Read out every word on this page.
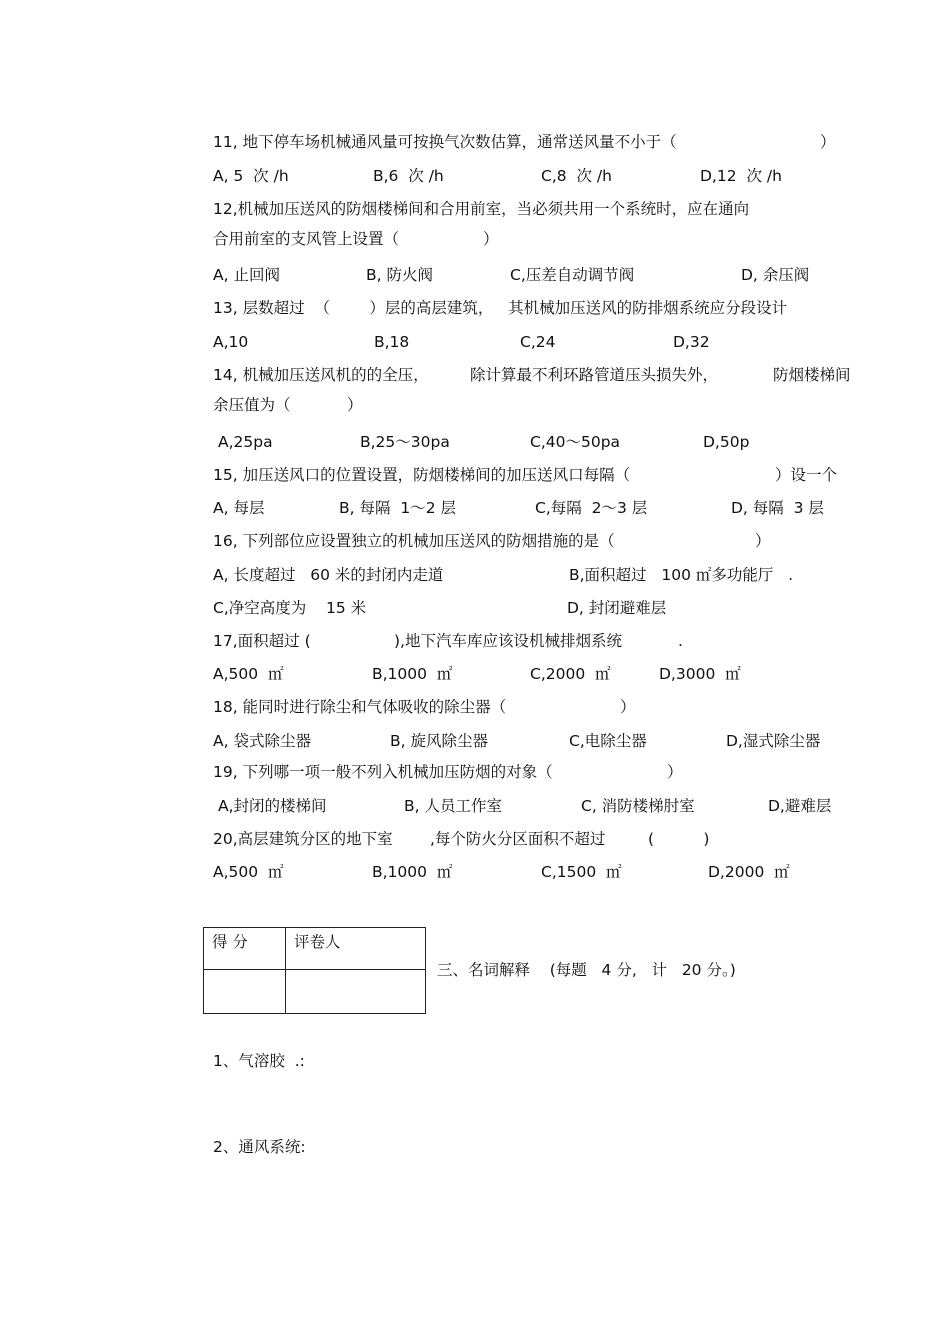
11, 地下停车场机械通风量可按换气次数估算，通常送风量不小于（	）
A, 5  次 /h	B,6  次 /h	C,8  次 /h	D,12  次 /h
12,机械加压送风的防烟楼梯间和合用前室，当必须共用一个系统时，应在通向
合用前室的支风管上设置（	）
A, 止回阀	B, 防火阀	C,压差自动调节阀	D, 余压阀
13, 层数超过  （        ）层的高层建筑，   其机械加压送风的防排烟系统应分段设计
A,10	B,18	C,24	D,32
14, 机械加压送风机的的全压，	除计算最不利环路管道压头损失外，	防烟楼梯间
余压值为（	）
A,25pa	B,25～30pa	C,40～50pa	D,50p
15, 加压送风口的位置设置，防烟楼梯间的加压送风口每隔（	）设一个
A, 每层	B, 每隔  1～2 层	C,每隔  2～3 层	D, 每隔  3 层
16, 下列部位应设置独立的机械加压送风的防烟措施的是（	）
A, 长度超过   60 米的封闭内走道	B,面积超过   100 ㎡多功能厅   .
C,净空高度为    15 米	D, 封闭避难层
17,面积超过 (	),地下汽车库应该设机械排烟系统	.
A,500  ㎡	B,1000  ㎡	C,2000  ㎡	D,3000  ㎡
18, 能同时进行除尘和气体吸收的除尘器（	）
A, 袋式除尘器	B, 旋风除尘器	C,电除尘器	D,湿式除尘器
19, 下列哪一项一般不列入机械加压防烟的对象（	）
A,封闭的楼梯间	B, 人员工作室	C, 消防楼梯肘室	D,避难层
20,高层建筑分区的地下室 ,每个防火分区面积不超过	(          )
A,500  ㎡	B,1000  ㎡	C,1500  ㎡	D,2000  ㎡
得 分	评卷人

三、名词解释    (每题   4 分,   计   20 分。)
1、气溶胶  .:
2、通风系统:
